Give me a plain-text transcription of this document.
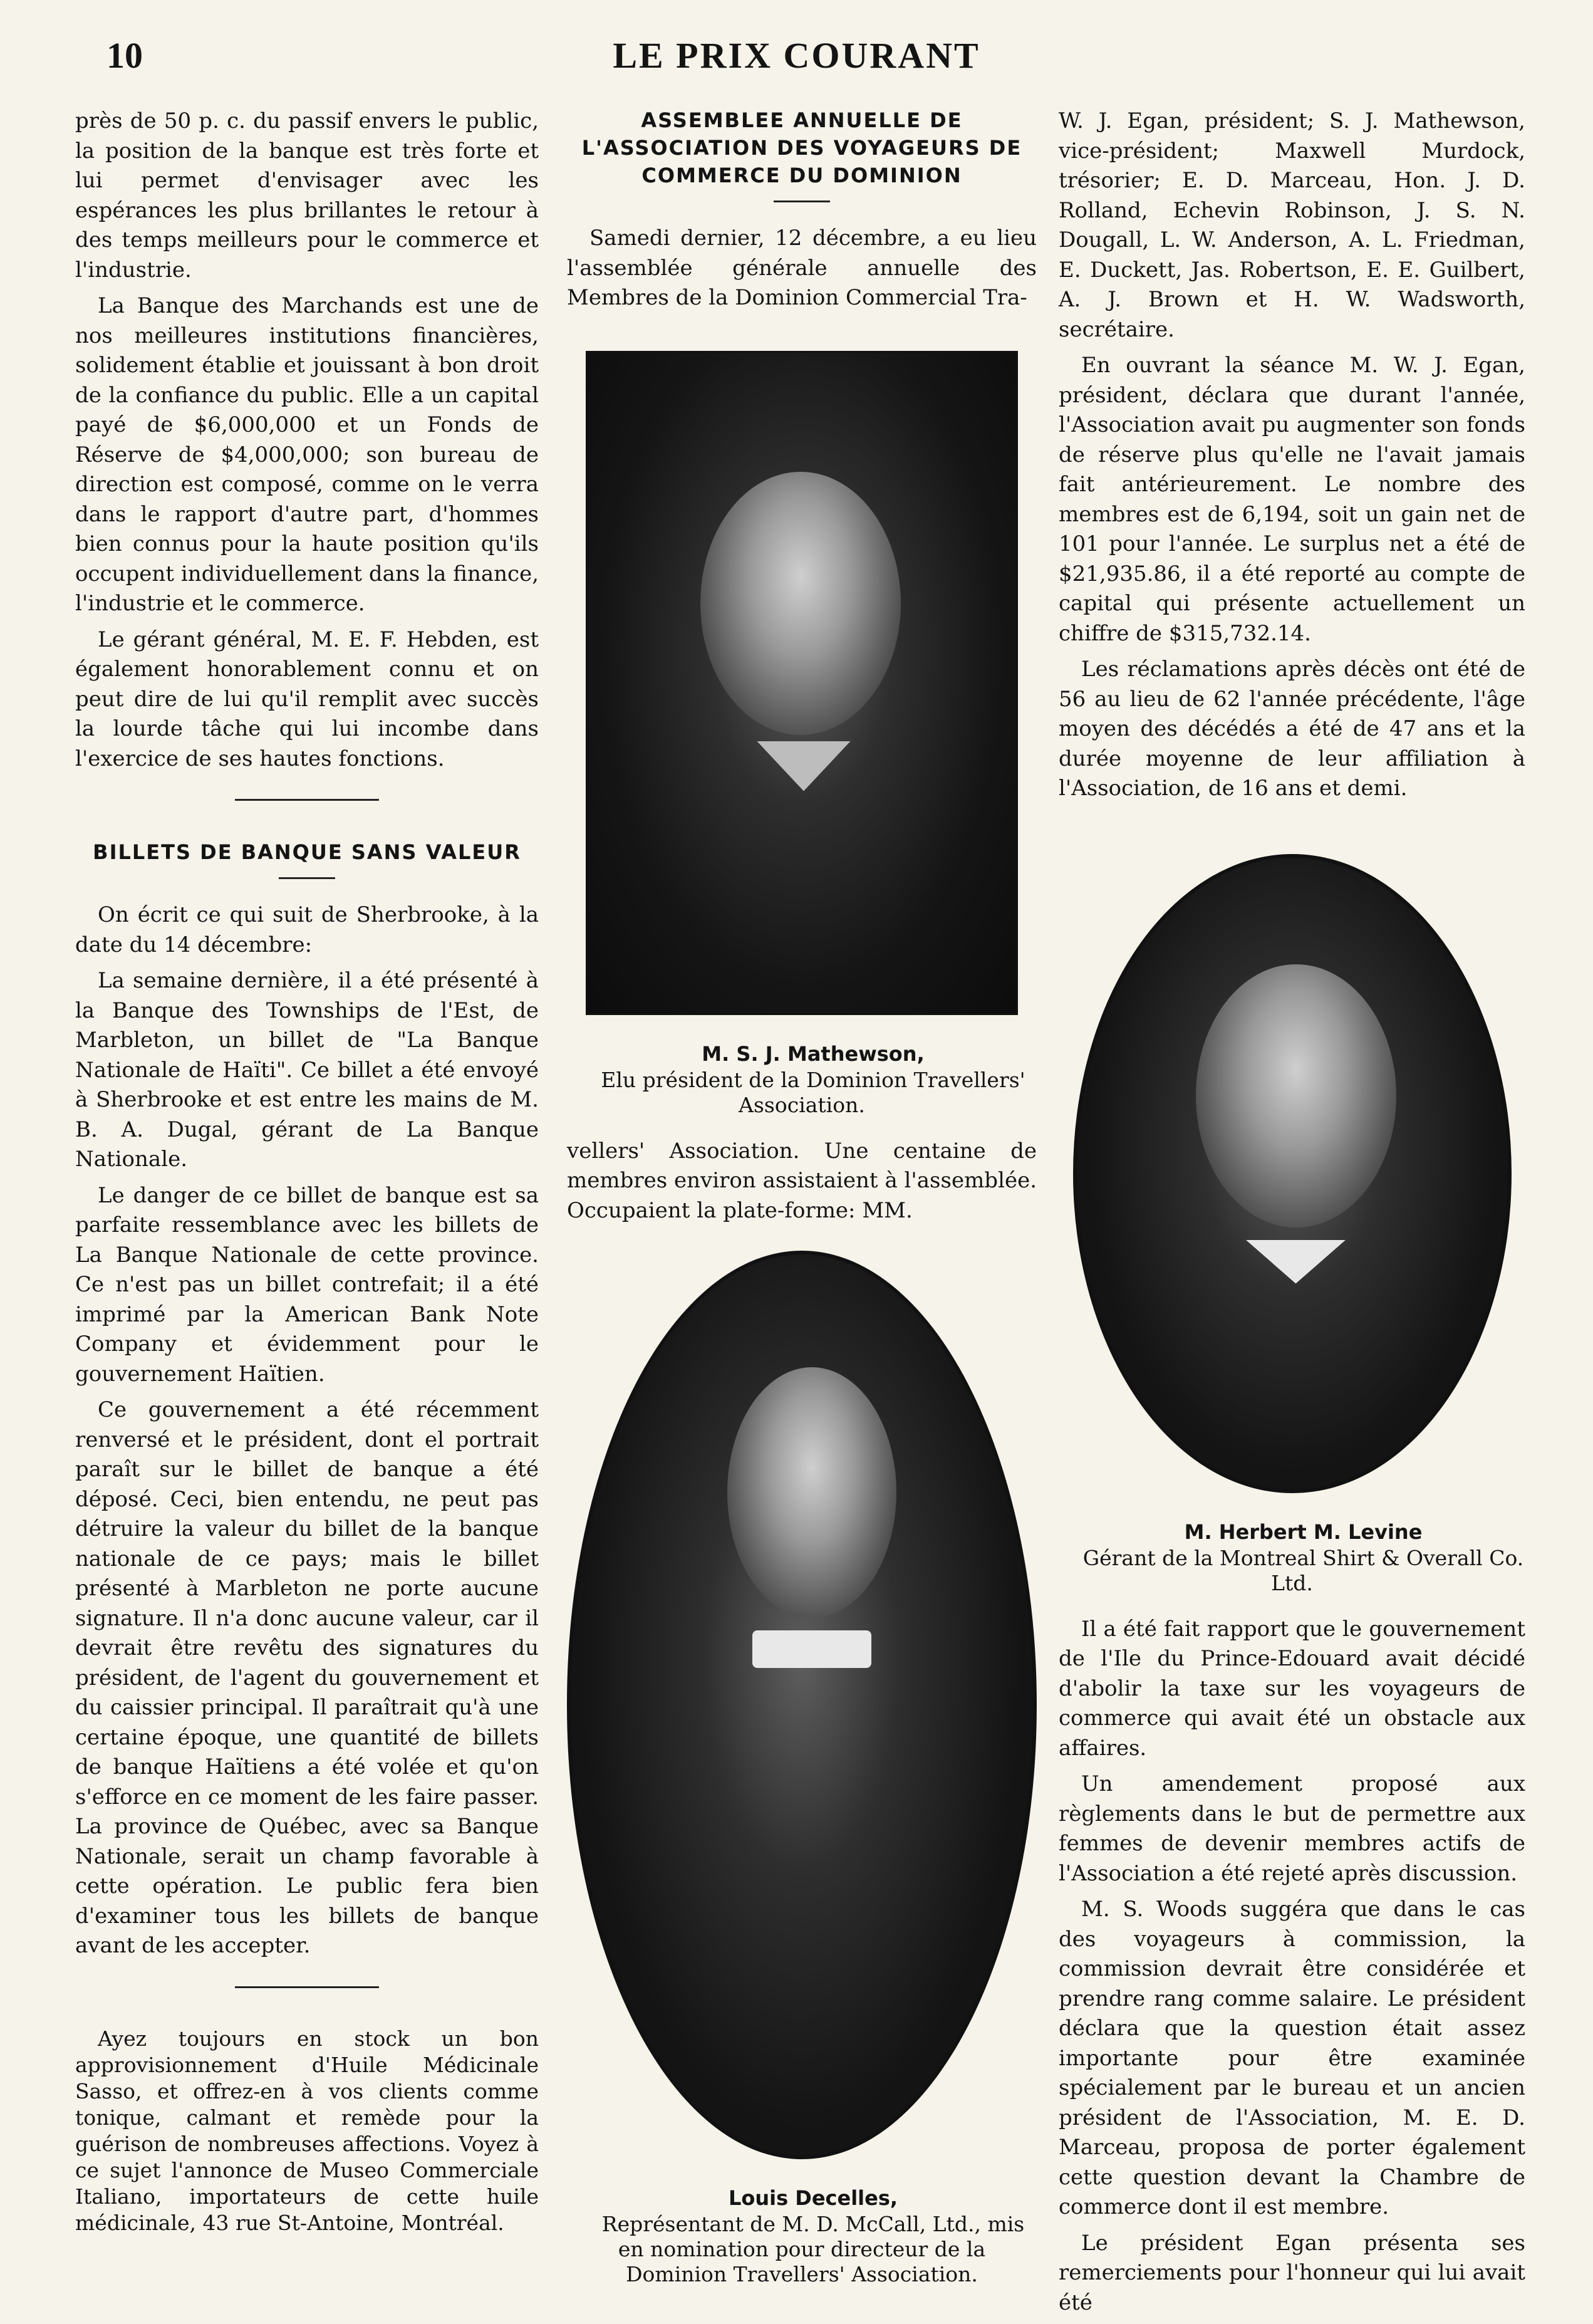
10	LE PRIX COURANT

près de 50 p. c. du passif envers le public, la position de la banque est très forte et lui permet d'envisager avec les espérances les plus brillantes le retour à des temps meilleurs pour le commerce et l'industrie.

La Banque des Marchands est une de nos meilleures institutions financières, solidement établie et jouissant à bon droit de la confiance du public. Elle a un capital payé de $6,000,000 et un Fonds de Réserve de $4,000,000; son bureau de direction est composé, comme on le verra dans le rapport d'autre part, d'hommes bien connus pour la haute position qu'ils occupent individuellement dans la finance, l'industrie et le commerce.

Le gérant général, M. E. F. Hebden, est également honorablement connu et on peut dire de lui qu'il remplit avec succès la lourde tâche qui lui incombe dans l'exercice de ses hautes fonctions.

BILLETS DE BANQUE SANS VALEUR

On écrit ce qui suit de Sherbrooke, à la date du 14 décembre:

La semaine dernière, il a été présenté à la Banque des Townships de l'Est, de Marbleton, un billet de "La Banque Nationale de Haïti". Ce billet a été envoyé à Sherbrooke et est entre les mains de M. B. A. Dugal, gérant de La Banque Nationale.

Le danger de ce billet de banque est sa parfaite ressemblance avec les billets de La Banque Nationale de cette province. Ce n'est pas un billet contrefait; il a été imprimé par la American Bank Note Company et évidemment pour le gouvernement Haïtien.

Ce gouvernement a été récemment renversé et le président, dont el portrait paraît sur le billet de banque a été déposé. Ceci, bien entendu, ne peut pas détruire la valeur du billet de la banque nationale de ce pays; mais le billet présenté à Marbleton ne porte aucune signature. Il n'a donc aucune valeur, car il devrait être revêtu des signatures du président, de l'agent du gouvernement et du caissier principal. Il paraîtrait qu'à une certaine époque, une quantité de billets de banque Haïtiens a été volée et qu'on s'efforce en ce moment de les faire passer. La province de Québec, avec sa Banque Nationale, serait un champ favorable à cette opération. Le public fera bien d'examiner tous les billets de banque avant de les accepter.

Ayez toujours en stock un bon approvisionnement d'Huile Médicinale Sasso, et offrez-en à vos clients comme tonique, calmant et remède pour la guérison de nombreuses affections. Voyez à ce sujet l'annonce de Museo Commerciale Italiano, importateurs de cette huile médicinale, 43 rue St-Antoine, Montréal.

ASSEMBLEE ANNUELLE DE L'ASSOCIATION DES VOYAGEURS DE COMMERCE DU DOMINION

Samedi dernier, 12 décembre, a eu lieu l'assemblée générale annuelle des Membres de la Dominion Commercial Tra-

M. S. J. Mathewson,

Elu président de la Dominion Travellers' Association.

vellers' Association. Une centaine de membres environ assistaient à l'assemblée. Occupaient la plate-forme: MM.

Louis Decelles,

Représentant de M. D. McCall, Ltd., mis en nomination pour directeur de la Dominion Travellers' Association.

W. J. Egan, président; S. J. Mathewson, vice-président; Maxwell Murdock, trésorier; E. D. Marceau, Hon. J. D. Rolland, Echevin Robinson, J. S. N. Dougall, L. W. Anderson, A. L. Friedman, E. Duckett, Jas. Robertson, E. E. Guilbert, A. J. Brown et H. W. Wadsworth, secrétaire.

En ouvrant la séance M. W. J. Egan, président, déclara que durant l'année, l'Association avait pu augmenter son fonds de réserve plus qu'elle ne l'avait jamais fait antérieurement. Le nombre des membres est de 6,194, soit un gain net de 101 pour l'année. Le surplus net a été de $21,935.86, il a été reporté au compte de capital qui présente actuellement un chiffre de $315,732.14.

Les réclamations après décès ont été de 56 au lieu de 62 l'année précédente, l'âge moyen des décédés a été de 47 ans et la durée moyenne de leur affiliation à l'Association, de 16 ans et demi.

M. Herbert M. Levine

Gérant de la Montreal Shirt & Overall Co. Ltd.

Il a été fait rapport que le gouvernement de l'Ile du Prince-Edouard avait décidé d'abolir la taxe sur les voyageurs de commerce qui avait été un obstacle aux affaires.

Un amendement proposé aux règlements dans le but de permettre aux femmes de devenir membres actifs de l'Association a été rejeté après discussion.

M. S. Woods suggéra que dans le cas des voyageurs à commission, la commission devrait être considérée et prendre rang comme salaire. Le président déclara que la question était assez importante pour être examinée spécialement par le bureau et un ancien président de l'Association, M. E. D. Marceau, proposa de porter également cette question devant la Chambre de commerce dont il est membre.

Le président Egan présenta ses remerciements pour l'honneur qui lui avait été
